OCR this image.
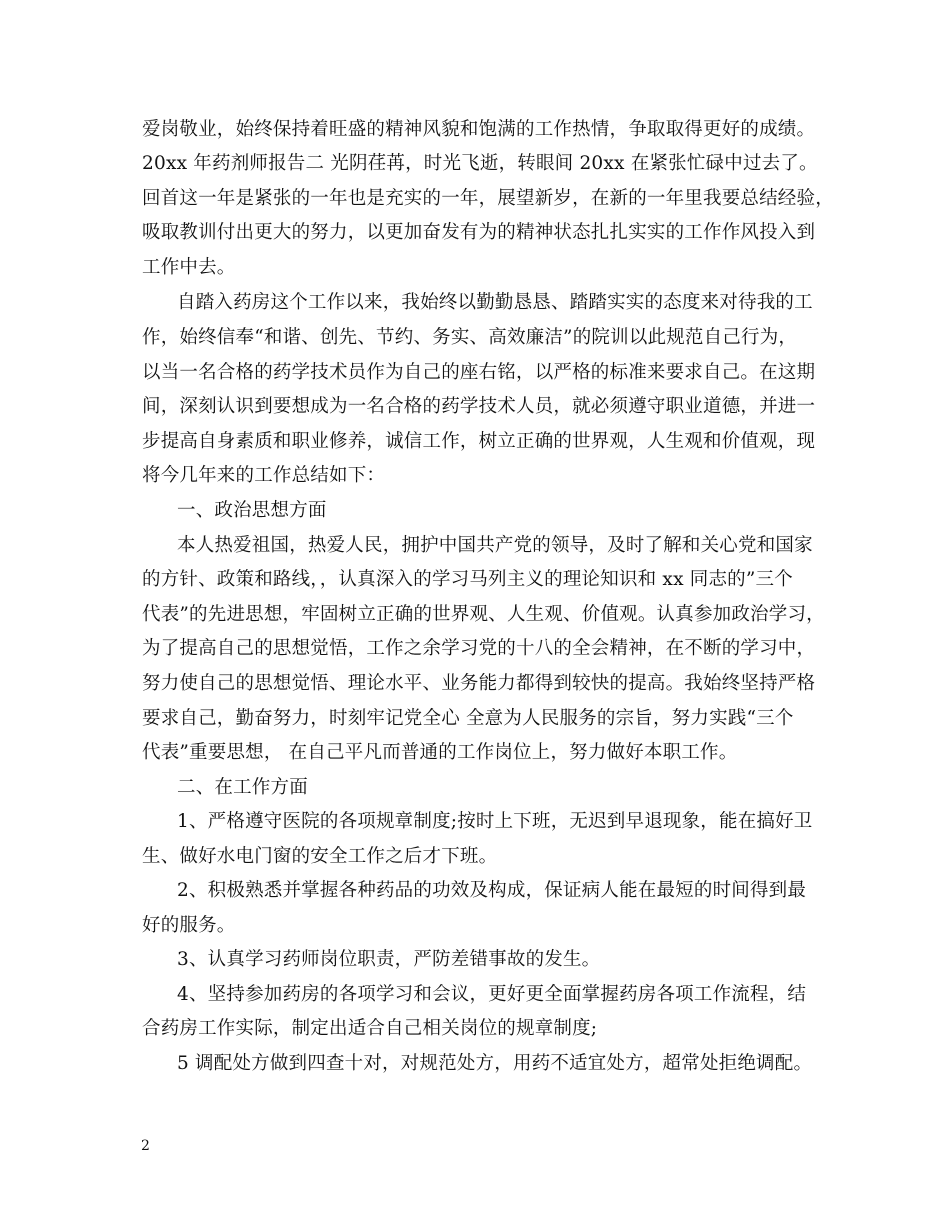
爱岗敬业，始终保持着旺盛的精神风貌和饱满的工作热情，争取取得更好的成绩。
20xx 年药剂师报告二 光阴荏苒，时光飞逝，转眼间 20xx 在紧张忙碌中过去了。
回首这一年是紧张的一年也是充实的一年，展望新岁，在新的一年里我要总结经验，
吸取教训付出更大的努力，以更加奋发有为的精神状态扎扎实实的工作作风投入到
工作中去。
自踏入药房这个工作以来，我始终以勤勤恳恳、踏踏实实的态度来对待我的工
作，始终信奉“和谐、创先、节约、务实、高效廉洁”的院训以此规范自己行为，
以当一名合格的药学技术员作为自己的座右铭，以严格的标准来要求自己。在这期
间，深刻认识到要想成为一名合格的药学技术人员，就必须遵守职业道德，并进一
步提高自身素质和职业修养，诚信工作，树立正确的世界观，人生观和价值观，现
将今几年来的工作总结如下：
一、政治思想方面
本人热爱祖国，热爱人民，拥护中国共产党的领导，及时了解和关心党和国家
的方针、政策和路线，，认真深入的学习马列主义的理论知识和 xx 同志的”三个
代表”的先进思想，牢固树立正确的世界观、人生观、价值观。认真参加政治学习，
为了提高自己的思想觉悟，工作之余学习党的十八的全会精神，在不断的学习中，
努力使自己的思想觉悟、理论水平、业务能力都得到较快的提高。我始终坚持严格
要求自己，勤奋努力，时刻牢记党全心 全意为人民服务的宗旨，努力实践“三个
代表”重要思想， 在自己平凡而普通的工作岗位上，努力做好本职工作。
二、在工作方面
1、严格遵守医院的各项规章制度;按时上下班，无迟到早退现象，能在搞好卫
生、做好水电门窗的安全工作之后才下班。
2、积极熟悉并掌握各种药品的功效及构成，保证病人能在最短的时间得到最
好的服务。
3、认真学习药师岗位职责，严防差错事故的发生。
4、坚持参加药房的各项学习和会议，更好更全面掌握药房各项工作流程，结
合药房工作实际，制定出适合自己相关岗位的规章制度;
5 调配处方做到四查十对，对规范处方，用药不适宜处方，超常处拒绝调配。
2
